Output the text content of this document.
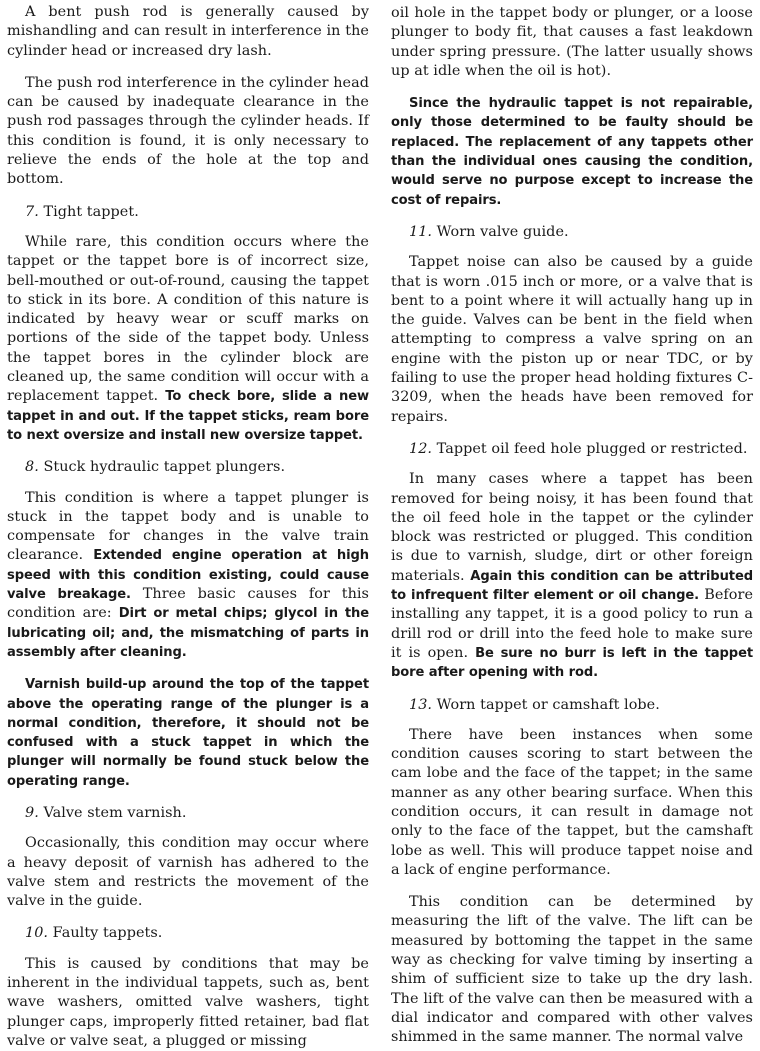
A bent push rod is generally caused by mishandling and can result in interference in the cylinder head or increased dry lash.

The push rod interference in the cylinder head can be caused by inadequate clearance in the push rod passages through the cylinder heads. If this condition is found, it is only necessary to relieve the ends of the hole at the top and bottom.

7. Tight tappet.

While rare, this condition occurs where the tappet or the tappet bore is of incorrect size, bell-mouthed or out-of-round, causing the tappet to stick in its bore. A condition of this nature is indicated by heavy wear or scuff marks on portions of the side of the tappet body. Unless the tappet bores in the cylinder block are cleaned up, the same condition will occur with a replacement tappet. To check bore, slide a new tappet in and out. If the tappet sticks, ream bore to next oversize and install new oversize tappet.

8. Stuck hydraulic tappet plungers.

This condition is where a tappet plunger is stuck in the tappet body and is unable to compensate for changes in the valve train clearance. Extended engine operation at high speed with this condition existing, could cause valve breakage. Three basic causes for this condition are: Dirt or metal chips; glycol in the lubricating oil; and, the mismatching of parts in assembly after cleaning.

Varnish build-up around the top of the tappet above the operating range of the plunger is a normal condition, therefore, it should not be confused with a stuck tappet in which the plunger will normally be found stuck below the operating range.

9. Valve stem varnish.

Occasionally, this condition may occur where a heavy deposit of varnish has adhered to the valve stem and restricts the movement of the valve in the guide.

10. Faulty tappets.

This is caused by conditions that may be inherent in the individual tappets, such as, bent wave washers, omitted valve washers, tight plunger caps, improperly fitted retainer, bad flat valve or valve seat, a plugged or missing

oil hole in the tappet body or plunger, or a loose plunger to body fit, that causes a fast leakdown under spring pressure. (The latter usually shows up at idle when the oil is hot).

Since the hydraulic tappet is not repairable, only those determined to be faulty should be replaced. The replacement of any tappets other than the individual ones causing the condition, would serve no purpose except to increase the cost of repairs.

11. Worn valve guide.

Tappet noise can also be caused by a guide that is worn .015 inch or more, or a valve that is bent to a point where it will actually hang up in the guide. Valves can be bent in the field when attempting to compress a valve spring on an engine with the piston up or near TDC, or by failing to use the proper head holding fixtures C-3209, when the heads have been removed for repairs.

12. Tappet oil feed hole plugged or restricted.

In many cases where a tappet has been removed for being noisy, it has been found that the oil feed hole in the tappet or the cylinder block was restricted or plugged. This condition is due to varnish, sludge, dirt or other foreign materials. Again this condition can be attributed to infrequent filter element or oil change. Before installing any tappet, it is a good policy to run a drill rod or drill into the feed hole to make sure it is open. Be sure no burr is left in the tappet bore after opening with rod.

13. Worn tappet or camshaft lobe.

There have been instances when some condition causes scoring to start between the cam lobe and the face of the tappet; in the same manner as any other bearing surface. When this condition occurs, it can result in damage not only to the face of the tappet, but the camshaft lobe as well. This will produce tappet noise and a lack of engine performance.

This condition can be determined by measuring the lift of the valve. The lift can be measured by bottoming the tappet in the same way as checking for valve timing by inserting a shim of sufficient size to take up the dry lash. The lift of the valve can then be measured with a dial indicator and compared with other valves shimmed in the same manner. The normal valve
